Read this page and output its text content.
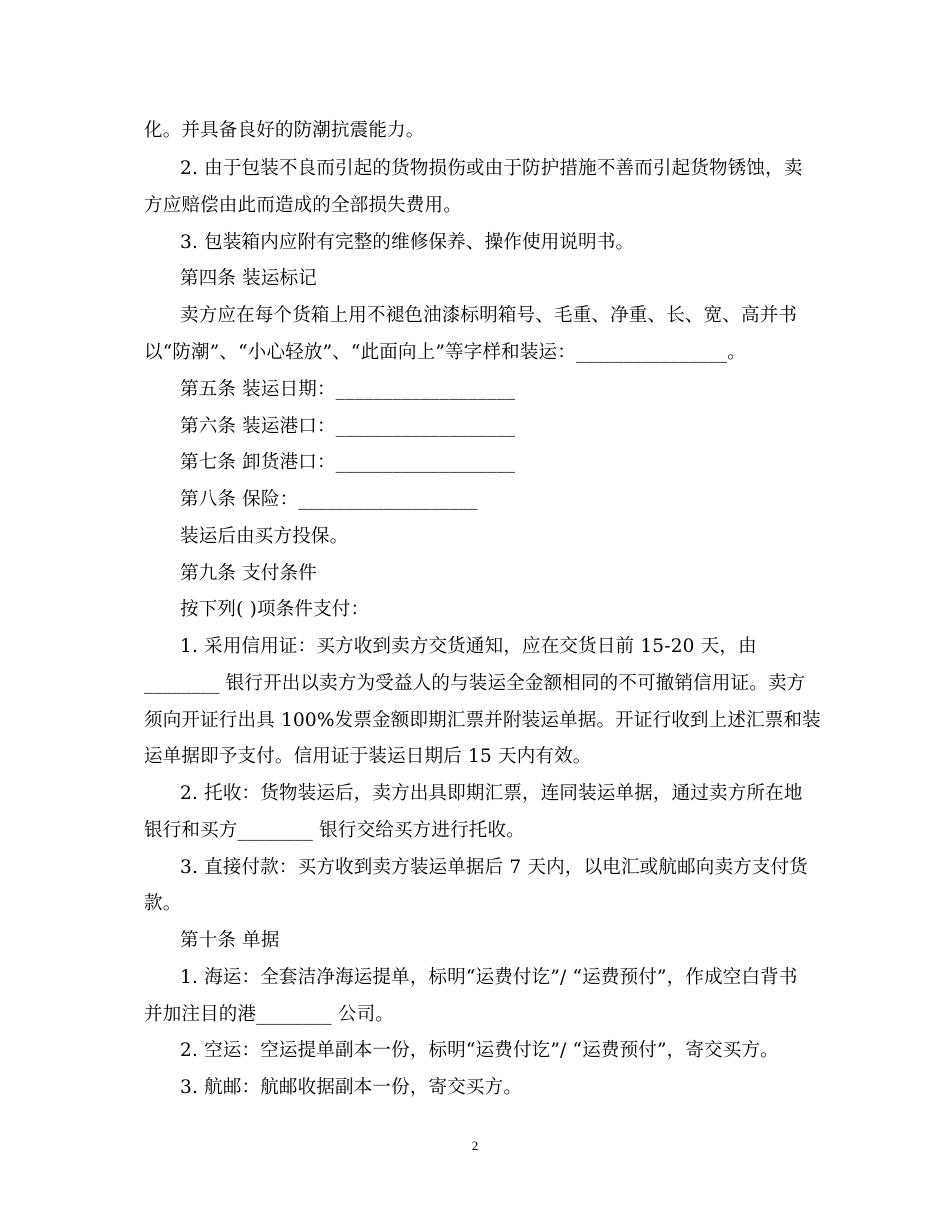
化。并具备良好的防潮抗震能力。
2. 由于包装不良而引起的货物损伤或由于防护措施不善而引起货物锈蚀，卖
方应赔偿由此而造成的全部损失费用。
3. 包装箱内应附有完整的维修保养、操作使用说明书。
第四条 装运标记
卖方应在每个货箱上用不褪色油漆标明箱号、毛重、净重、长、宽、高并书
以“防潮”、“小心轻放”、“此面向上”等字样和装运：________________。
第五条 装运日期：___________________
第六条 装运港口：___________________
第七条 卸货港口：___________________
第八条 保险：___________________
装运后由买方投保。
第九条 支付条件
按下列( )项条件支付：
1. 采用信用证：买方收到卖方交货通知，应在交货日前 15-20 天，由
________ 银行开出以卖方为受益人的与装运全金额相同的不可撤销信用证。卖方
须向开证行出具 100%发票金额即期汇票并附装运单据。开证行收到上述汇票和装
运单据即予支付。信用证于装运日期后 15 天内有效。
2. 托收：货物装运后，卖方出具即期汇票，连同装运单据，通过卖方所在地
银行和买方________ 银行交给买方进行托收。
3. 直接付款：买方收到卖方装运单据后 7 天内，以电汇或航邮向卖方支付货
款。
第十条 单据
1. 海运：全套洁净海运提单，标明“运费付讫”/ “运费预付”，作成空白背书
并加注目的港________ 公司。
2. 空运：空运提单副本一份，标明“运费付讫”/ “运费预付”，寄交买方。
3. 航邮：航邮收据副本一份，寄交买方。
2
